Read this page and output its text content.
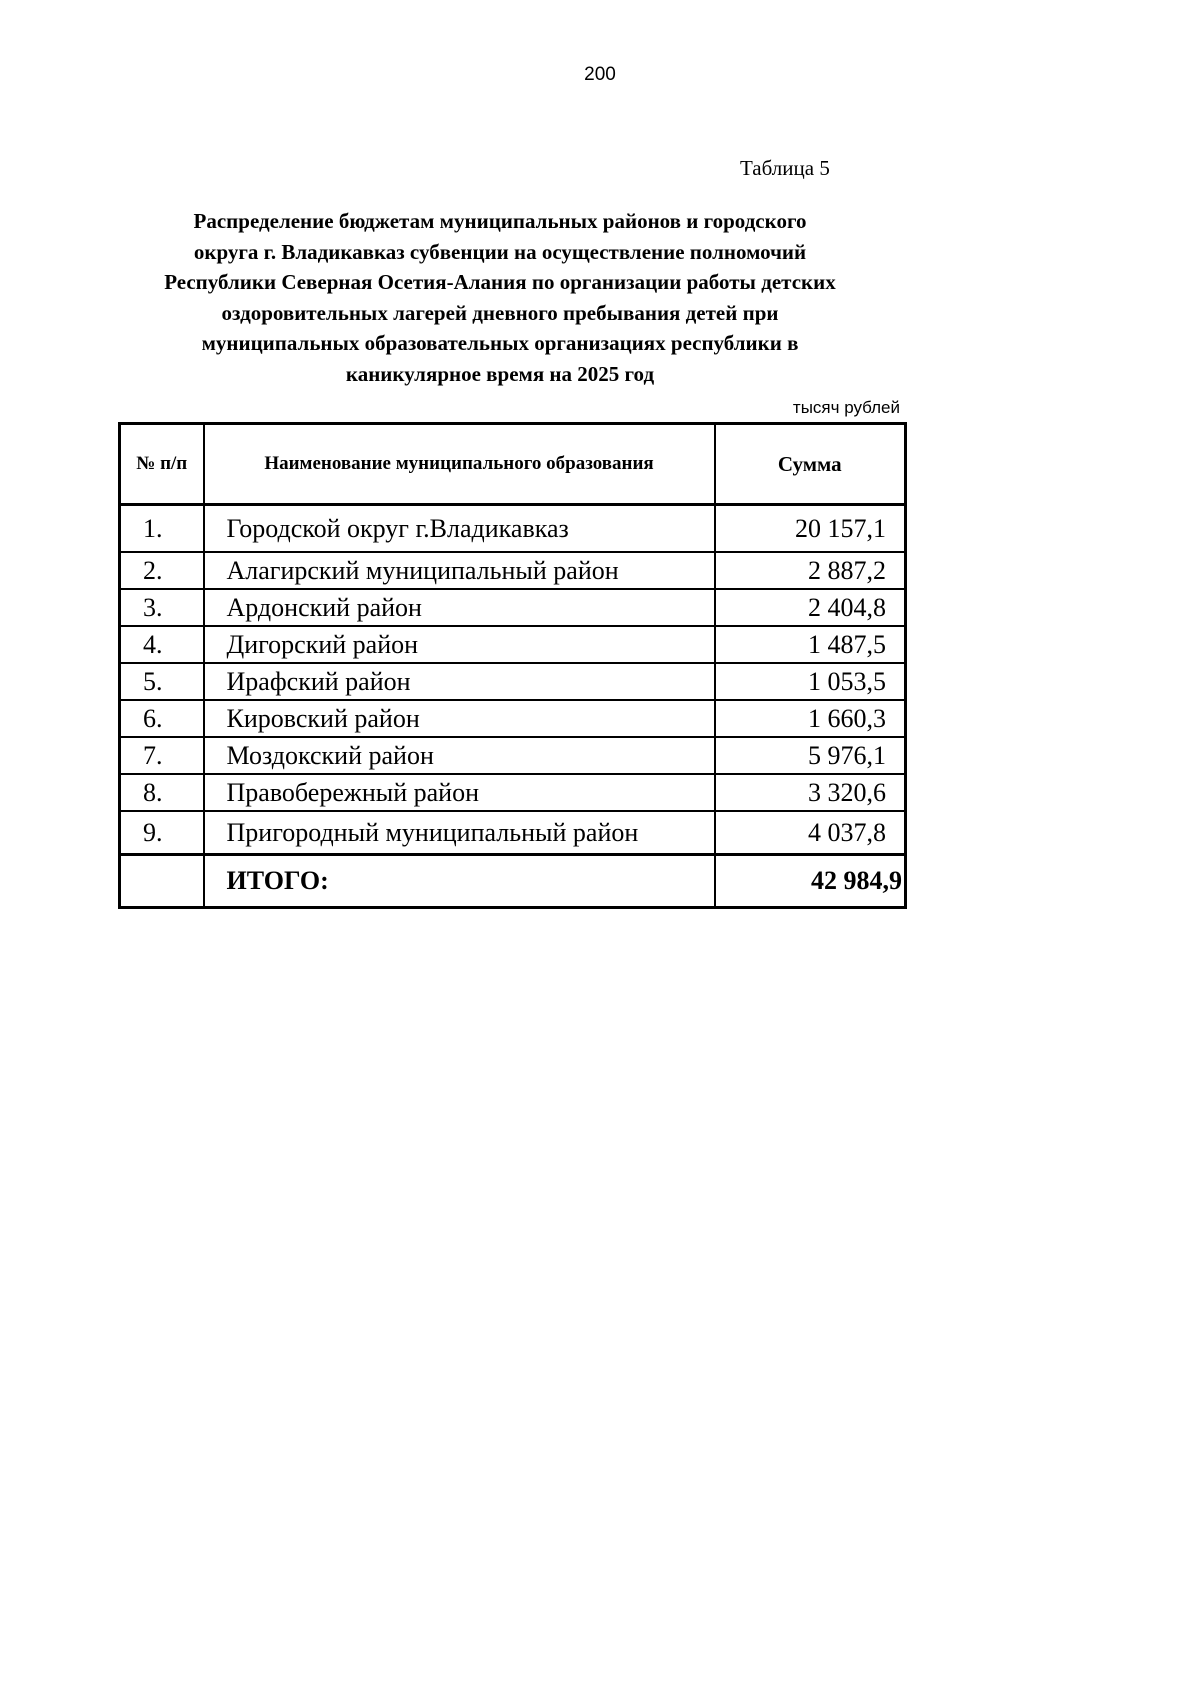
200
Таблица 5
Распределение бюджетам муниципальных районов и городского
округа г. Владикавказ субвенции на осуществление полномочий
Республики Северная Осетия-Алания по организации работы детских
оздоровительных лагерей дневного пребывания детей при
муниципальных образовательных организациях республики в
каникулярное время на 2025 год
тысяч рублей
№ п/п	Наименование муниципального образования	Сумма
1.	Городской округ г.Владикавказ	20 157,1
2.	Алагирский муниципальный район	2 887,2
3.	Ардонский район	2 404,8
4.	Дигорский район	1 487,5
5.	Ирафский район	1 053,5
6.	Кировский район	1 660,3
7.	Моздокский район	5 976,1
8.	Правобережный район	3 320,6
9.	Пригородный муниципальный район	4 037,8
	ИТОГО:	42 984,9
